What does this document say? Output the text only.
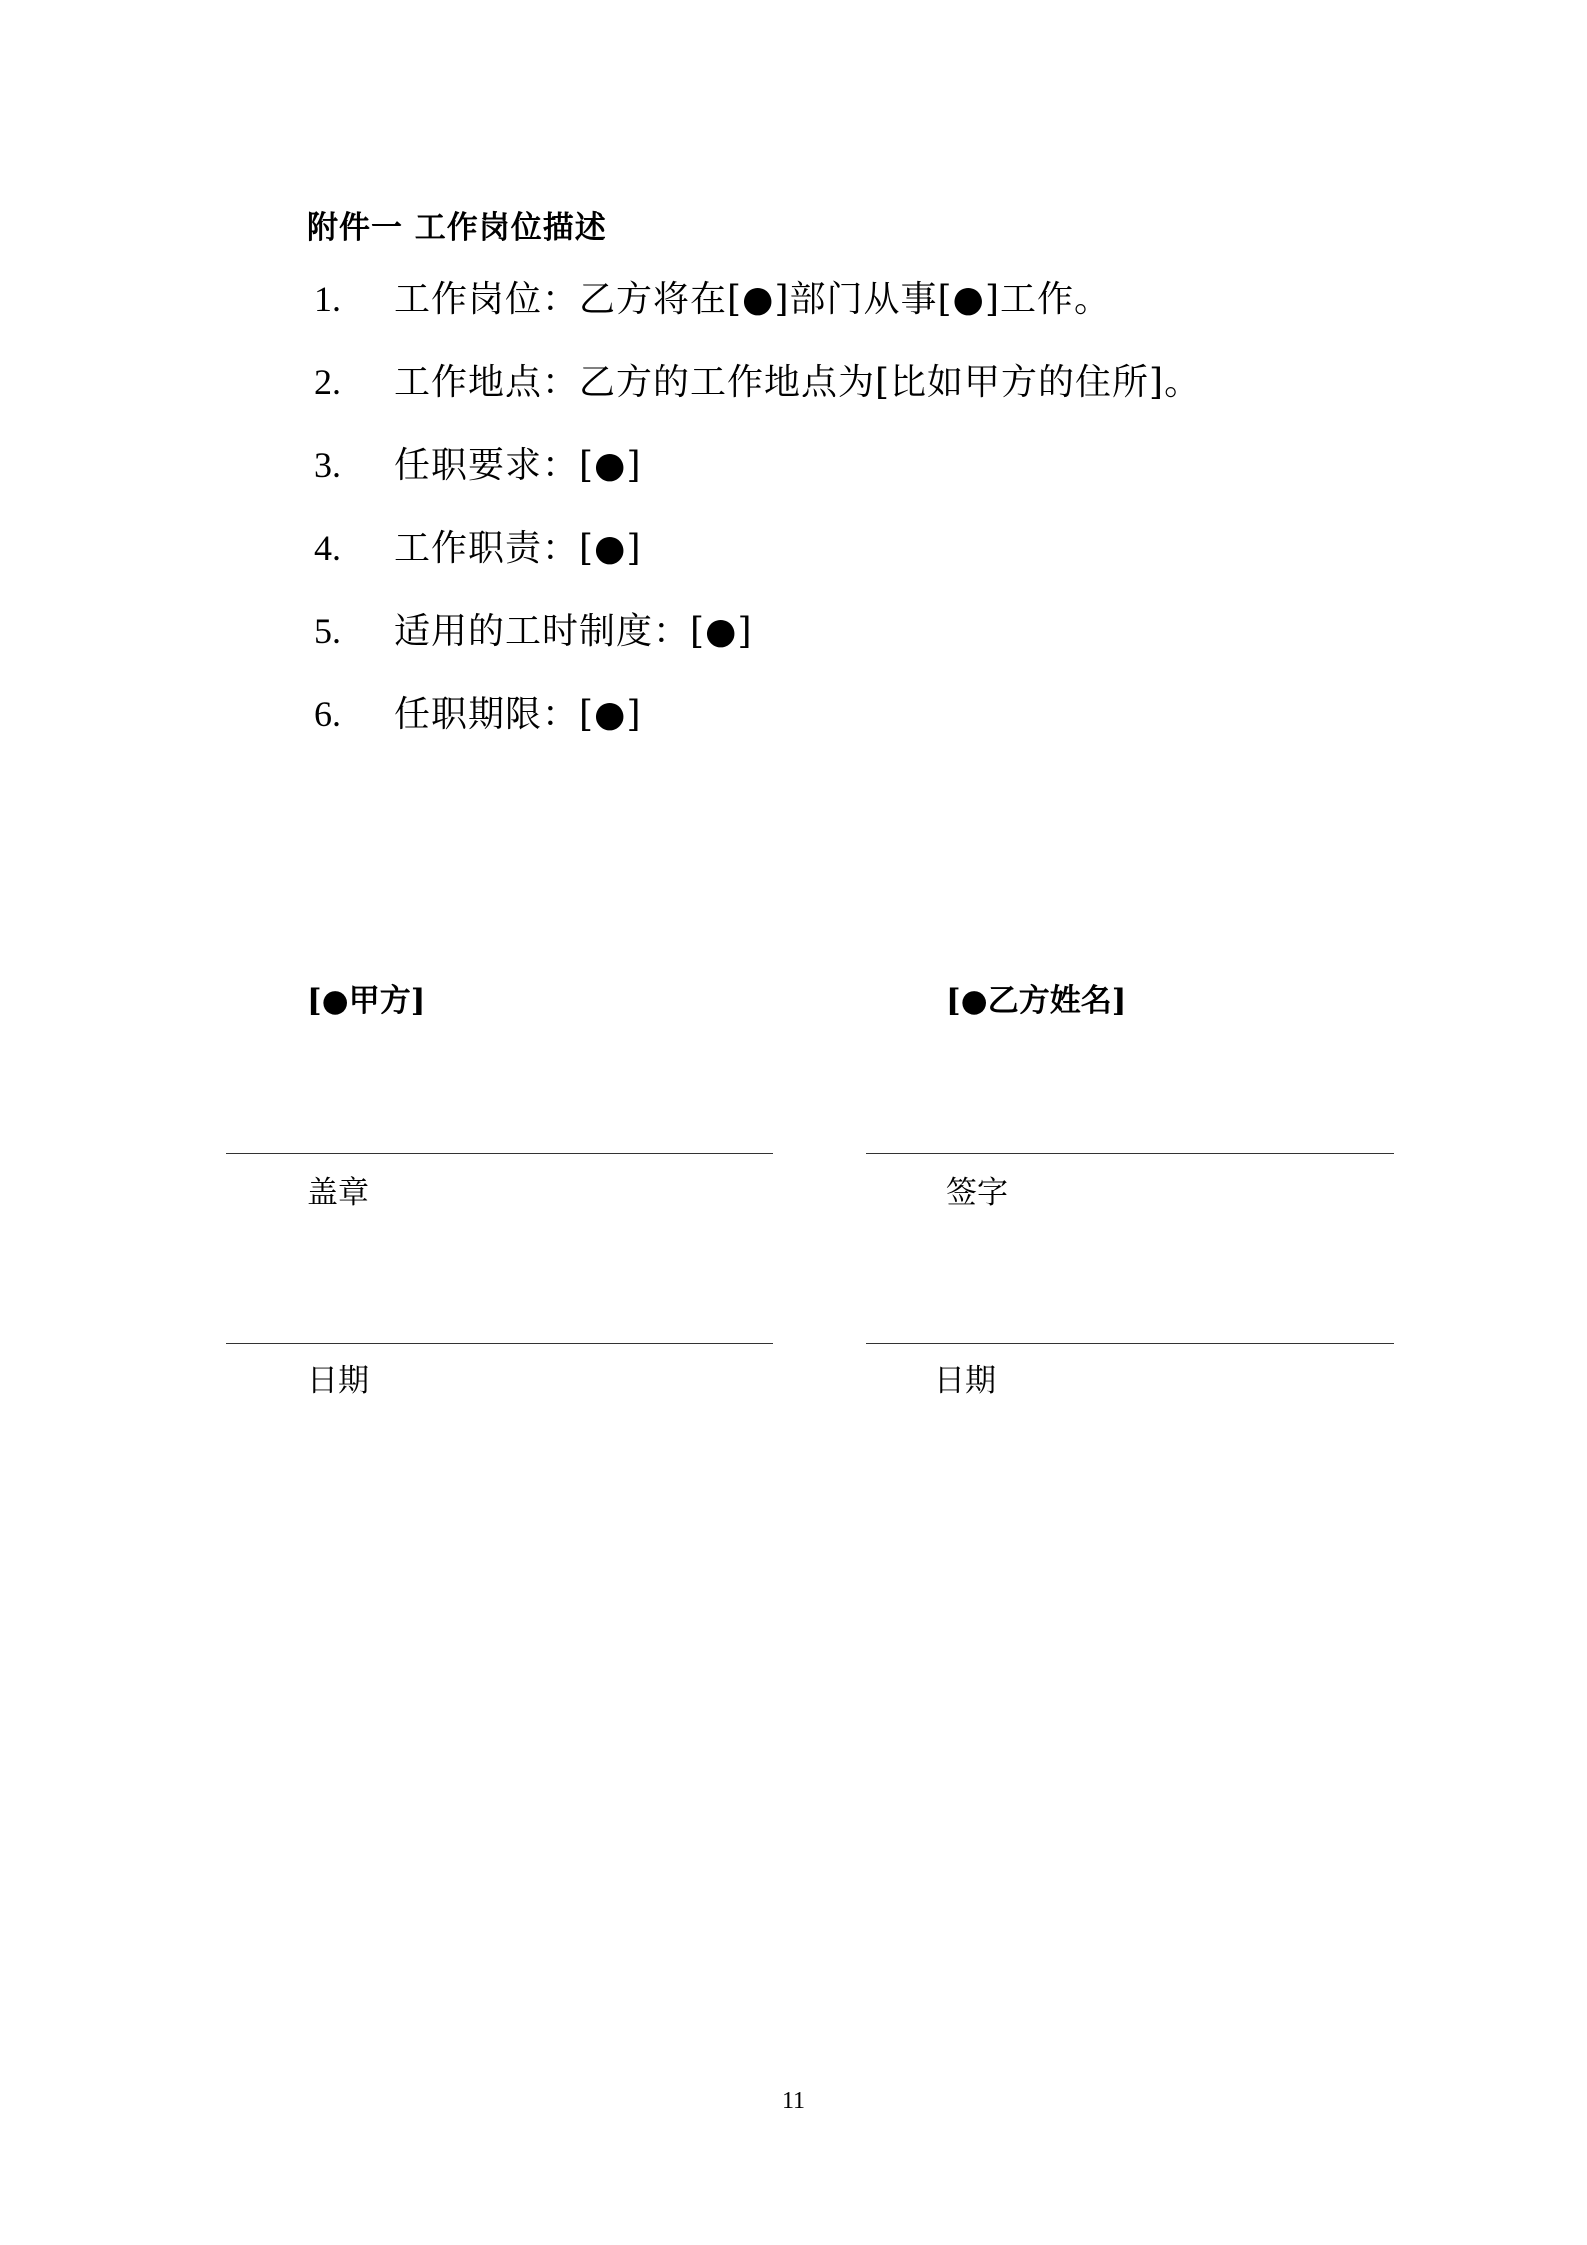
附件一 工作岗位描述
1. 工作岗位：乙方将在[●]部门从事[●]工作。
2. 工作地点：乙方的工作地点为[比如甲方的住所]。
3. 任职要求：[●]
4. 工作职责：[●]
5. 适用的工时制度：[●]
6. 任职期限：[●]
[●甲方]
盖章
日期
[●乙方姓名]
签字
日期
11
